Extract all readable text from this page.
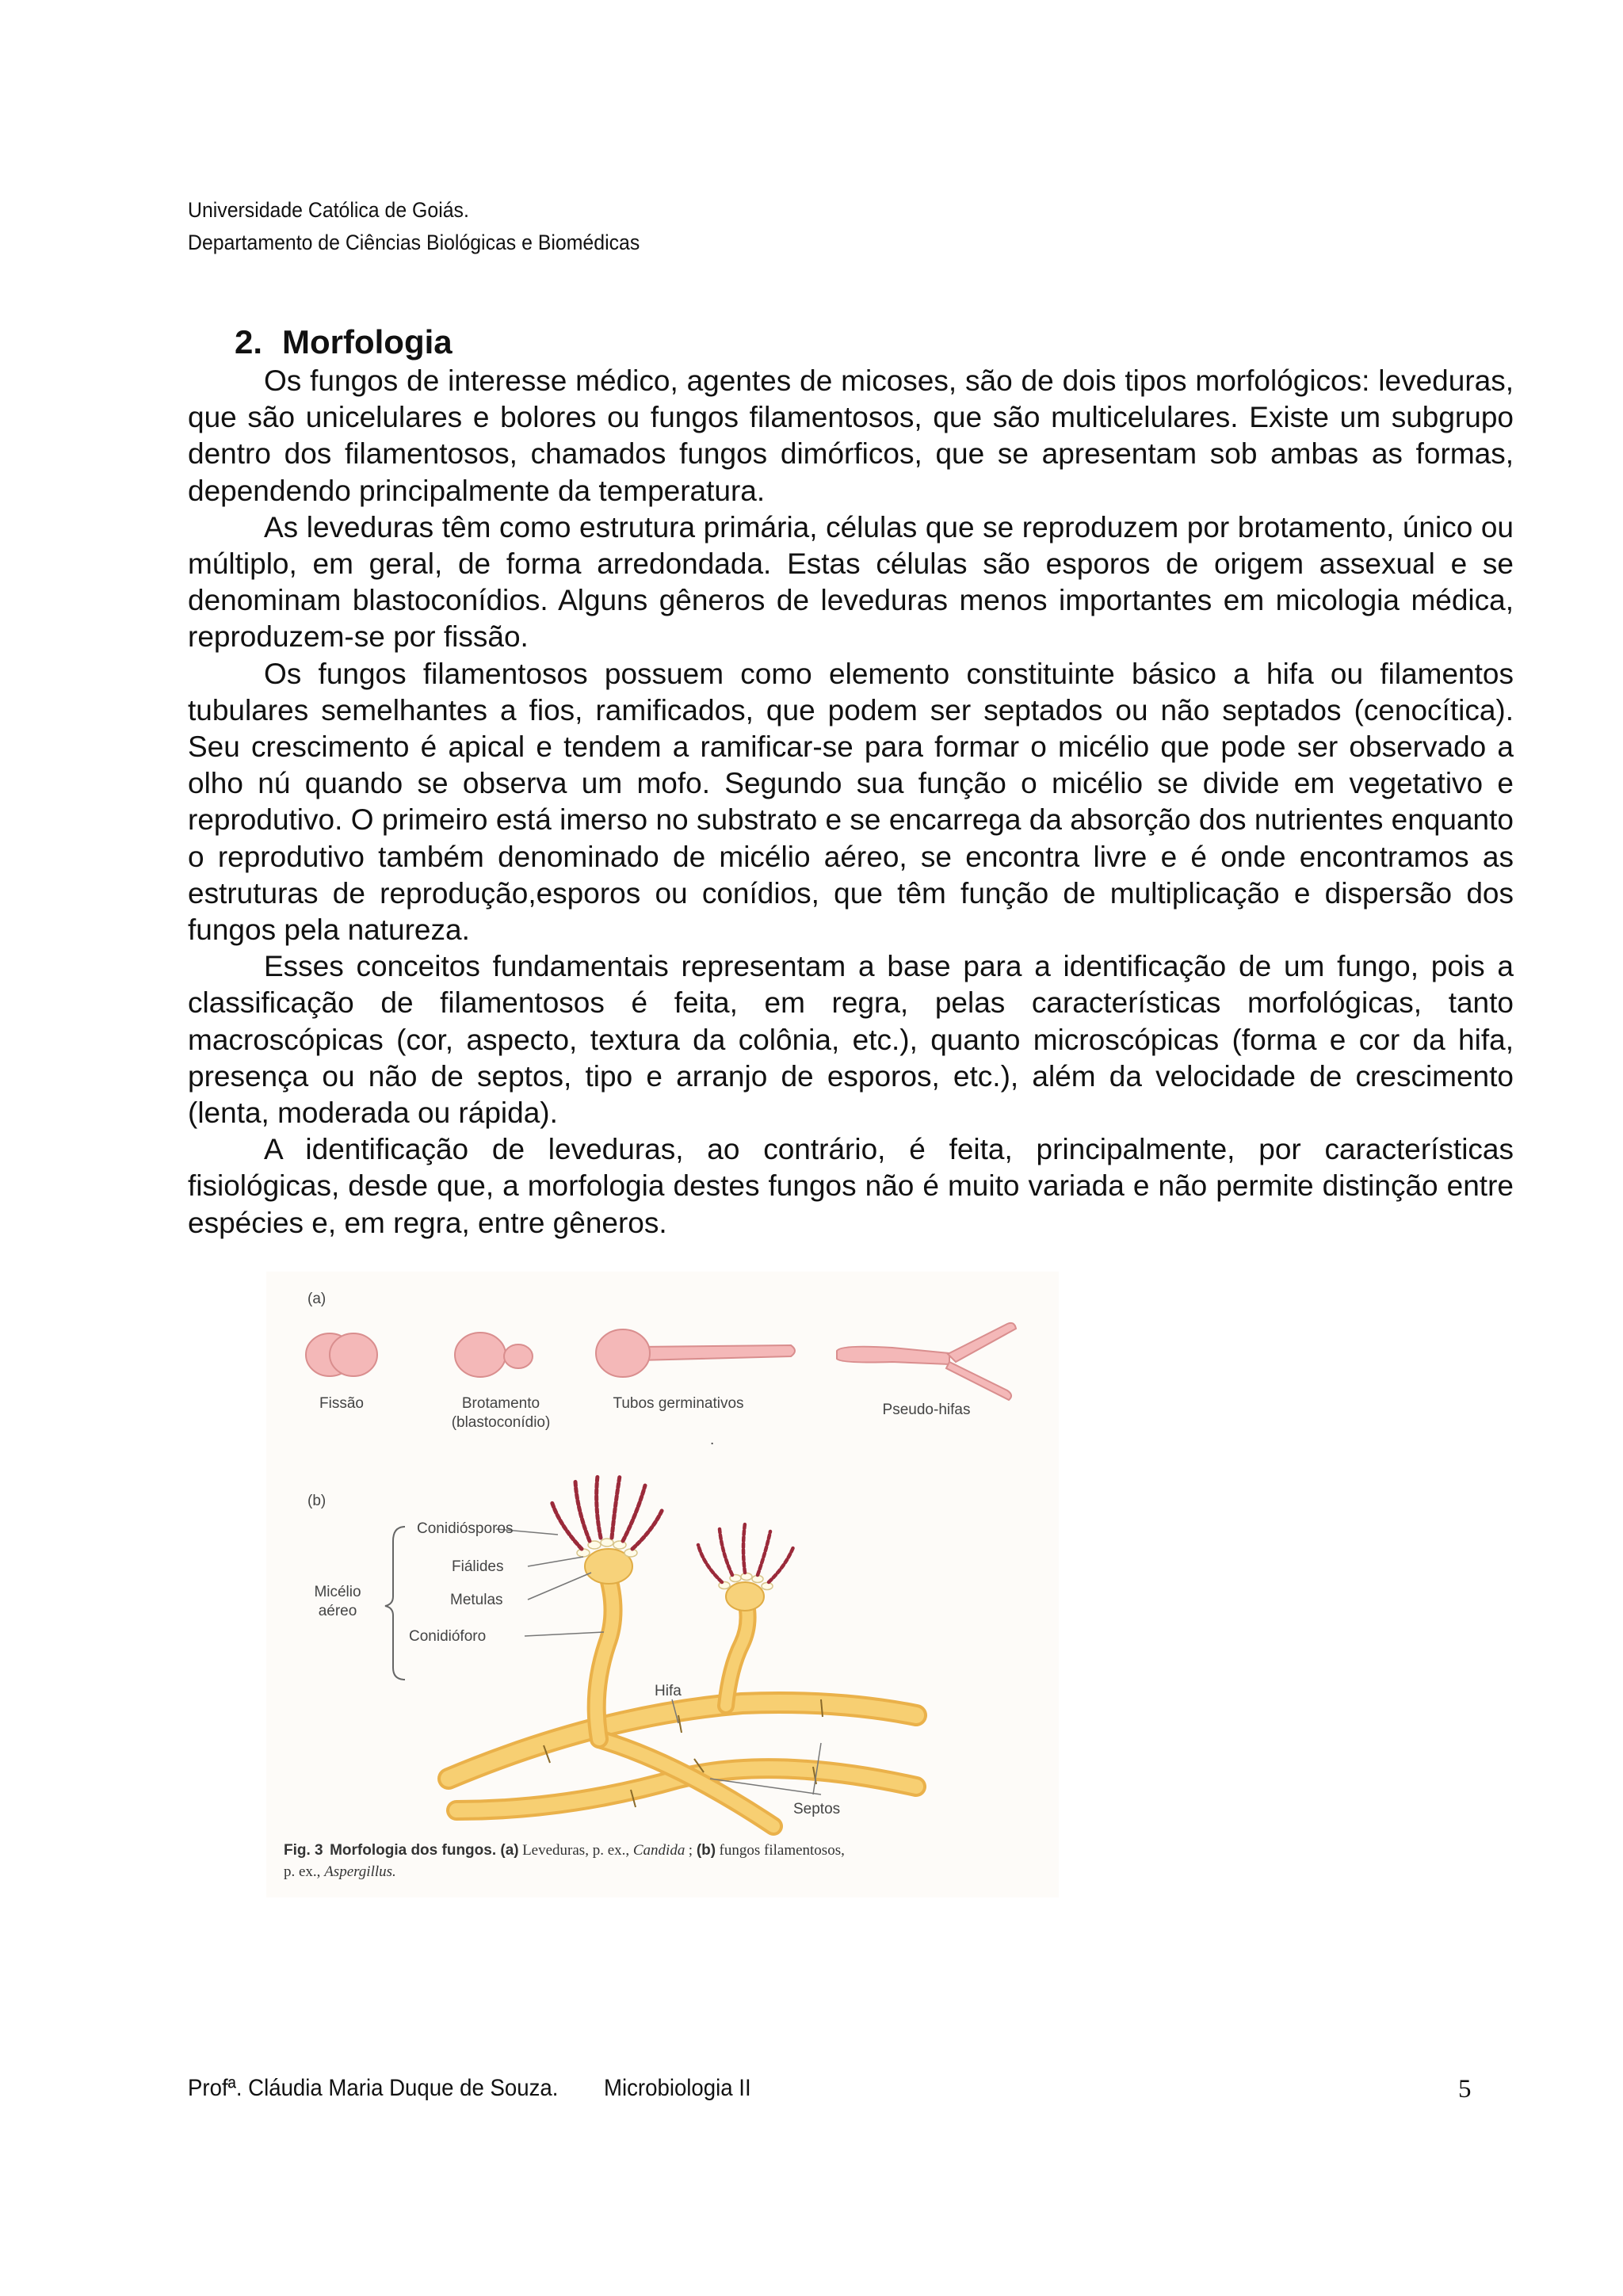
Universidade Católica de Goiás.
Departamento de Ciências Biológicas e Biomédicas
2. Morfologia

Os fungos de interesse médico, agentes de micoses, são de dois tipos morfológicos: leveduras, que são unicelulares e bolores ou fungos filamentosos, que são multicelulares. Existe um subgrupo dentro dos filamentosos, chamados fungos dimórficos, que se apresentam sob ambas as formas, dependendo principalmente da temperatura.

As leveduras têm como estrutura primária, células que se reproduzem por brotamento, único ou múltiplo, em geral, de forma arredondada. Estas células são esporos de origem assexual e se denominam blastoconídios. Alguns gêneros de leveduras menos importantes em micologia médica, reproduzem-se por fissão.

Os fungos filamentosos possuem como elemento constituinte básico a hifa ou filamentos tubulares semelhantes a fios, ramificados, que podem ser septados ou não septados (cenocítica). Seu crescimento é apical e tendem a ramificar-se para formar o micélio que pode ser observado a olho nú quando se observa um mofo. Segundo sua função o micélio se divide em vegetativo e reprodutivo. O primeiro está imerso no substrato e se encarrega da absorção dos nutrientes enquanto o reprodutivo também denominado de micélio aéreo, se encontra livre e é onde encontramos as estruturas de reprodução,esporos ou conídios, que têm função de multiplicação e dispersão dos fungos pela natureza.

Esses conceitos fundamentais representam a base para a identificação de um fungo, pois a classificação de filamentosos é feita, em regra, pelas características morfológicas, tanto macroscópicas (cor, aspecto, textura da colônia, etc.), quanto microscópicas (forma e cor da hifa, presença ou não de septos, tipo e arranjo de esporos, etc.), além da velocidade de crescimento (lenta, moderada ou rápida).

A identificação de leveduras, ao contrário, é feita, principalmente, por características fisiológicas, desde que, a morfologia destes fungos não é muito variada e não permite distinção entre espécies e, em regra, entre gêneros.

(a)
Fissão	Brotamento
(blastoconídio)
Tubos germinativos	Pseudo-hifas
.
(b)
Micélio
aéreo
Conidiósporos
Fiálides
Metulas
Conidióforo
Hifa
Septos
Fig. 3 Morfologia dos fungos. (a) Leveduras, p. ex., Candida ; (b) fungos filamentosos,
p. ex., Aspergillus.
Profª. Cláudia Maria Duque de Souza. Microbiologia II	5
